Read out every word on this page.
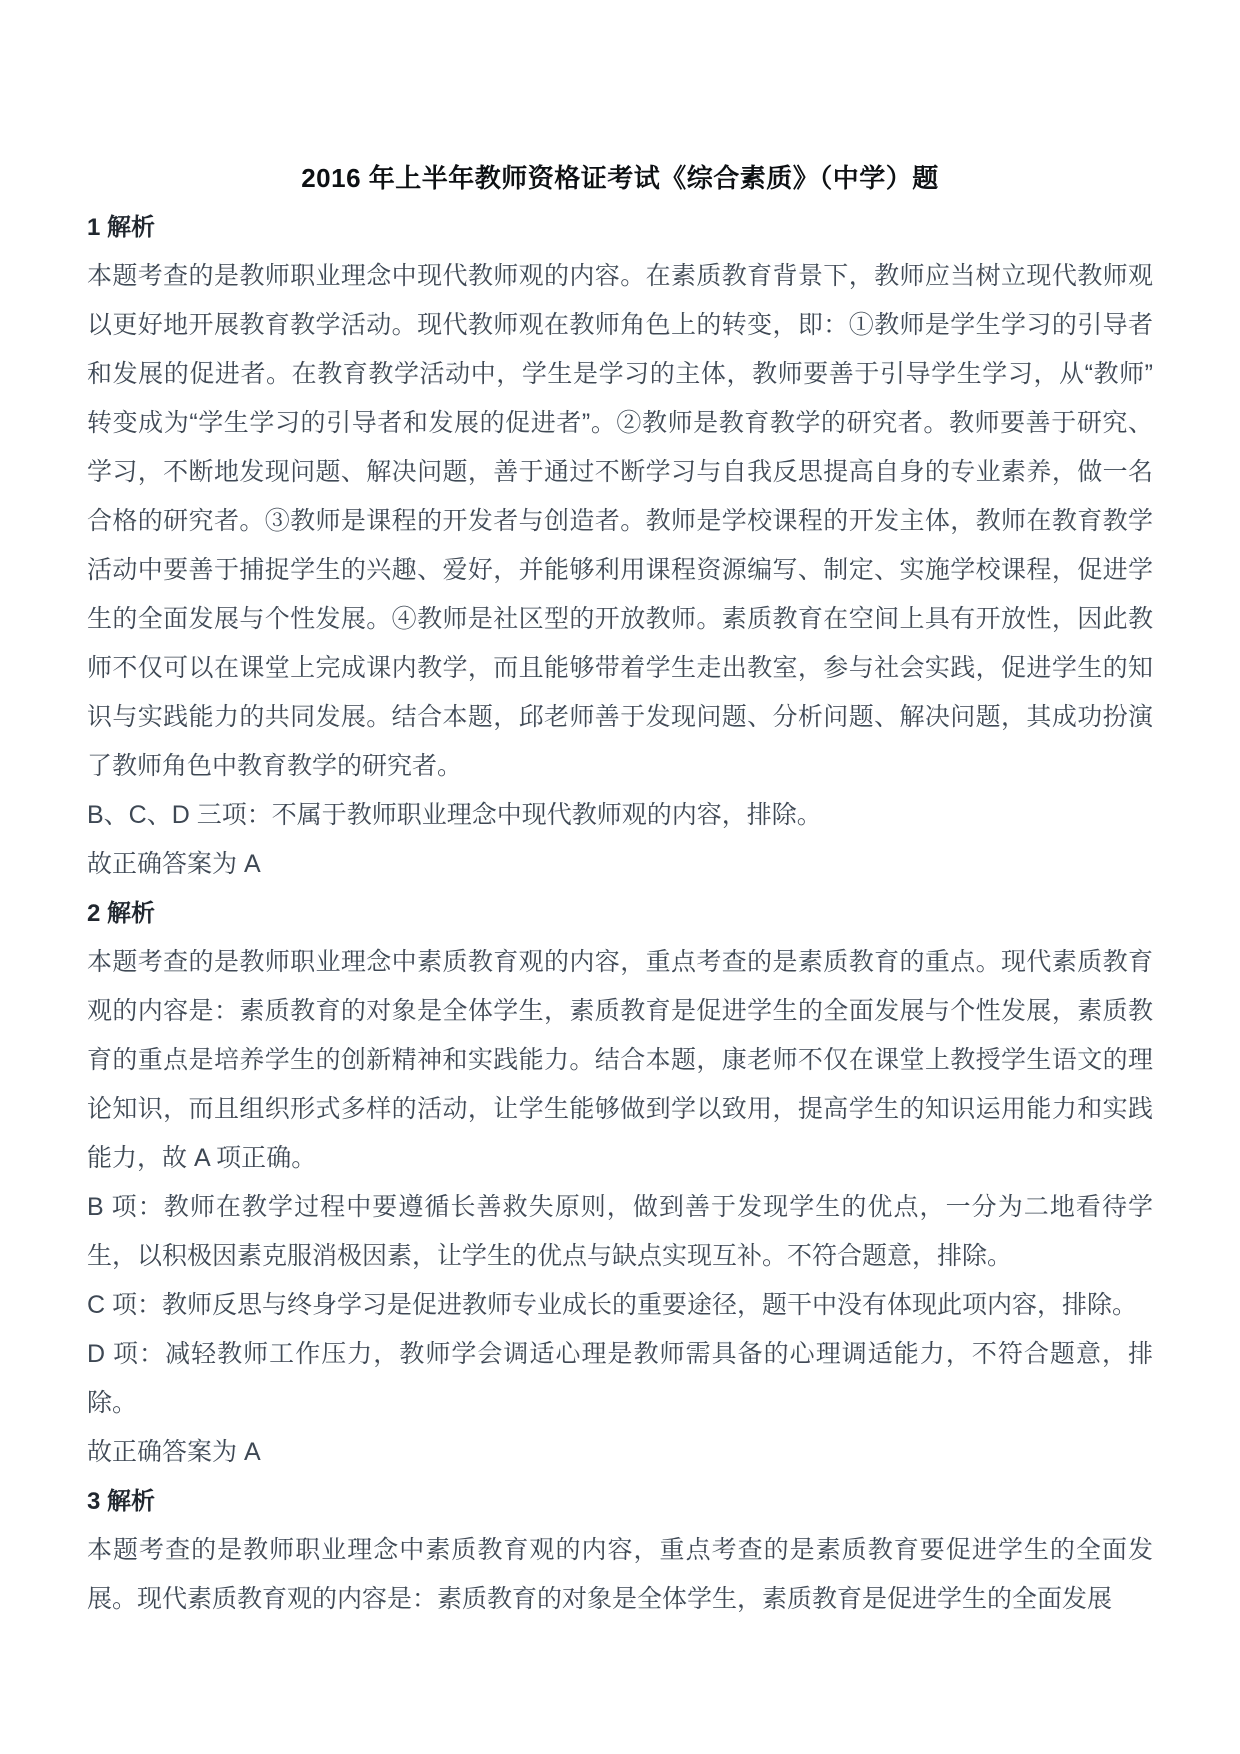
2016 年上半年教师资格证考试《综合素质》（中学）题
1 解析

本题考查的是教师职业理念中现代教师观的内容。在素质教育背景下，教师应当树立现代教师观以更好地开展教育教学活动。现代教师观在教师角色上的转变，即：①教师是学生学习的引导者和发展的促进者。在教育教学活动中，学生是学习的主体，教师要善于引导学生学习，从“教师”转变成为“学生学习的引导者和发展的促进者”。②教师是教育教学的研究者。教师要善于研究、学习，不断地发现问题、解决问题，善于通过不断学习与自我反思提高自身的专业素养，做一名合格的研究者。③教师是课程的开发者与创造者。教师是学校课程的开发主体，教师在教育教学活动中要善于捕捉学生的兴趣、爱好，并能够利用课程资源编写、制定、实施学校课程，促进学生的全面发展与个性发展。④教师是社区型的开放教师。素质教育在空间上具有开放性，因此教师不仅可以在课堂上完成课内教学，而且能够带着学生走出教室，参与社会实践，促进学生的知识与实践能力的共同发展。结合本题，邱老师善于发现问题、分析问题、解决问题，其成功扮演了教师角色中教育教学的研究者。

B、C、D 三项：不属于教师职业理念中现代教师观的内容，排除。

故正确答案为 A

2 解析

本题考查的是教师职业理念中素质教育观的内容，重点考查的是素质教育的重点。现代素质教育观的内容是：素质教育的对象是全体学生，素质教育是促进学生的全面发展与个性发展，素质教育的重点是培养学生的创新精神和实践能力。结合本题，康老师不仅在课堂上教授学生语文的理论知识，而且组织形式多样的活动，让学生能够做到学以致用，提高学生的知识运用能力和实践能力，故 A 项正确。

B 项：教师在教学过程中要遵循长善救失原则，做到善于发现学生的优点，一分为二地看待学生，以积极因素克服消极因素，让学生的优点与缺点实现互补。不符合题意，排除。

C 项：教师反思与终身学习是促进教师专业成长的重要途径，题干中没有体现此项内容，排除。

D 项：减轻教师工作压力，教师学会调适心理是教师需具备的心理调适能力，不符合题意，排除。

故正确答案为 A

3 解析

本题考查的是教师职业理念中素质教育观的内容，重点考查的是素质教育要促进学生的全面发展。现代素质教育观的内容是：素质教育的对象是全体学生，素质教育是促进学生的全面发展
